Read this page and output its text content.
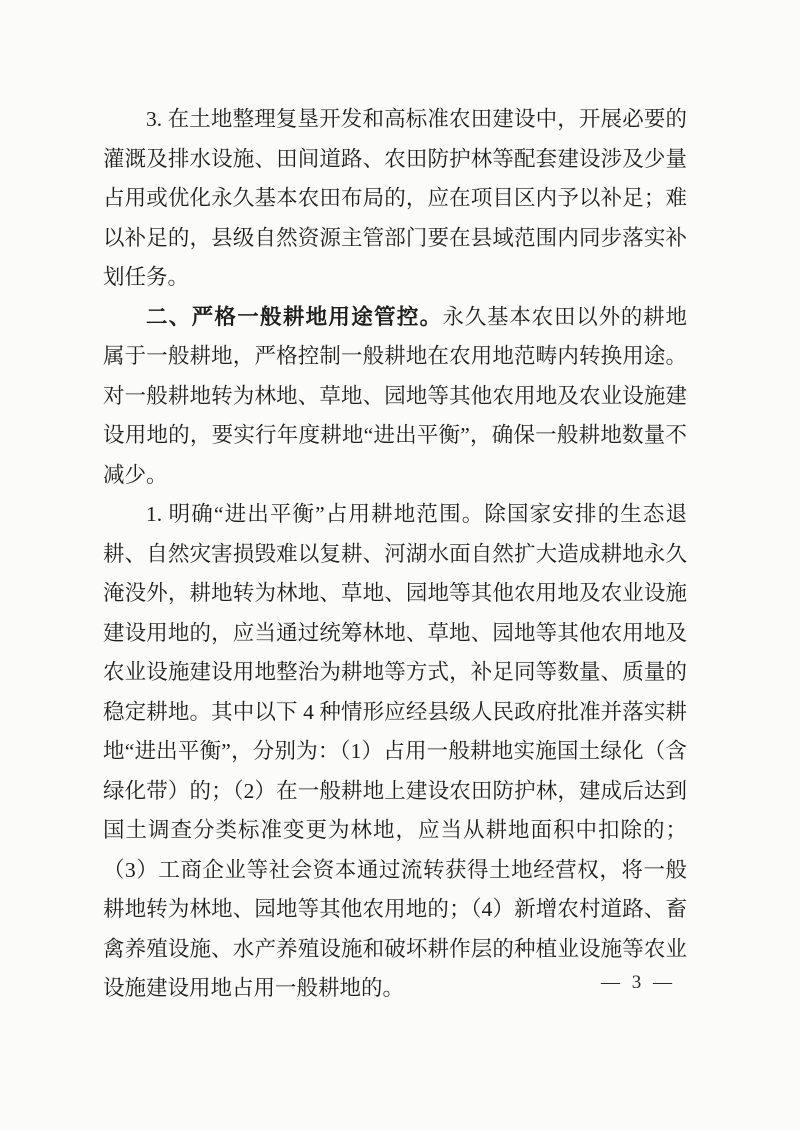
3. 在土地整理复垦开发和高标准农田建设中，开展必要的灌溉及排水设施、田间道路、农田防护林等配套建设涉及少量占用或优化永久基本农田布局的，应在项目区内予以补足；难以补足的，县级自然资源主管部门要在县域范围内同步落实补划任务。

二、严格一般耕地用途管控。永久基本农田以外的耕地属于一般耕地，严格控制一般耕地在农用地范畴内转换用途。对一般耕地转为林地、草地、园地等其他农用地及农业设施建设用地的，要实行年度耕地“进出平衡”，确保一般耕地数量不减少。

1. 明确“进出平衡”占用耕地范围。除国家安排的生态退耕、自然灾害损毁难以复耕、河湖水面自然扩大造成耕地永久淹没外，耕地转为林地、草地、园地等其他农用地及农业设施建设用地的，应当通过统筹林地、草地、园地等其他农用地及农业设施建设用地整治为耕地等方式，补足同等数量、质量的稳定耕地。其中以下 4 种情形应经县级人民政府批准并落实耕地“进出平衡”，分别为：（1）占用一般耕地实施国土绿化（含绿化带）的；（2）在一般耕地上建设农田防护林，建成后达到国土调查分类标准变更为林地，应当从耕地面积中扣除的；（3）工商企业等社会资本通过流转获得土地经营权，将一般耕地转为林地、园地等其他农用地的；（4）新增农村道路、畜禽养殖设施、水产养殖设施和破坏耕作层的种植业设施等农业设施建设用地占用一般耕地的。	— 3 —
